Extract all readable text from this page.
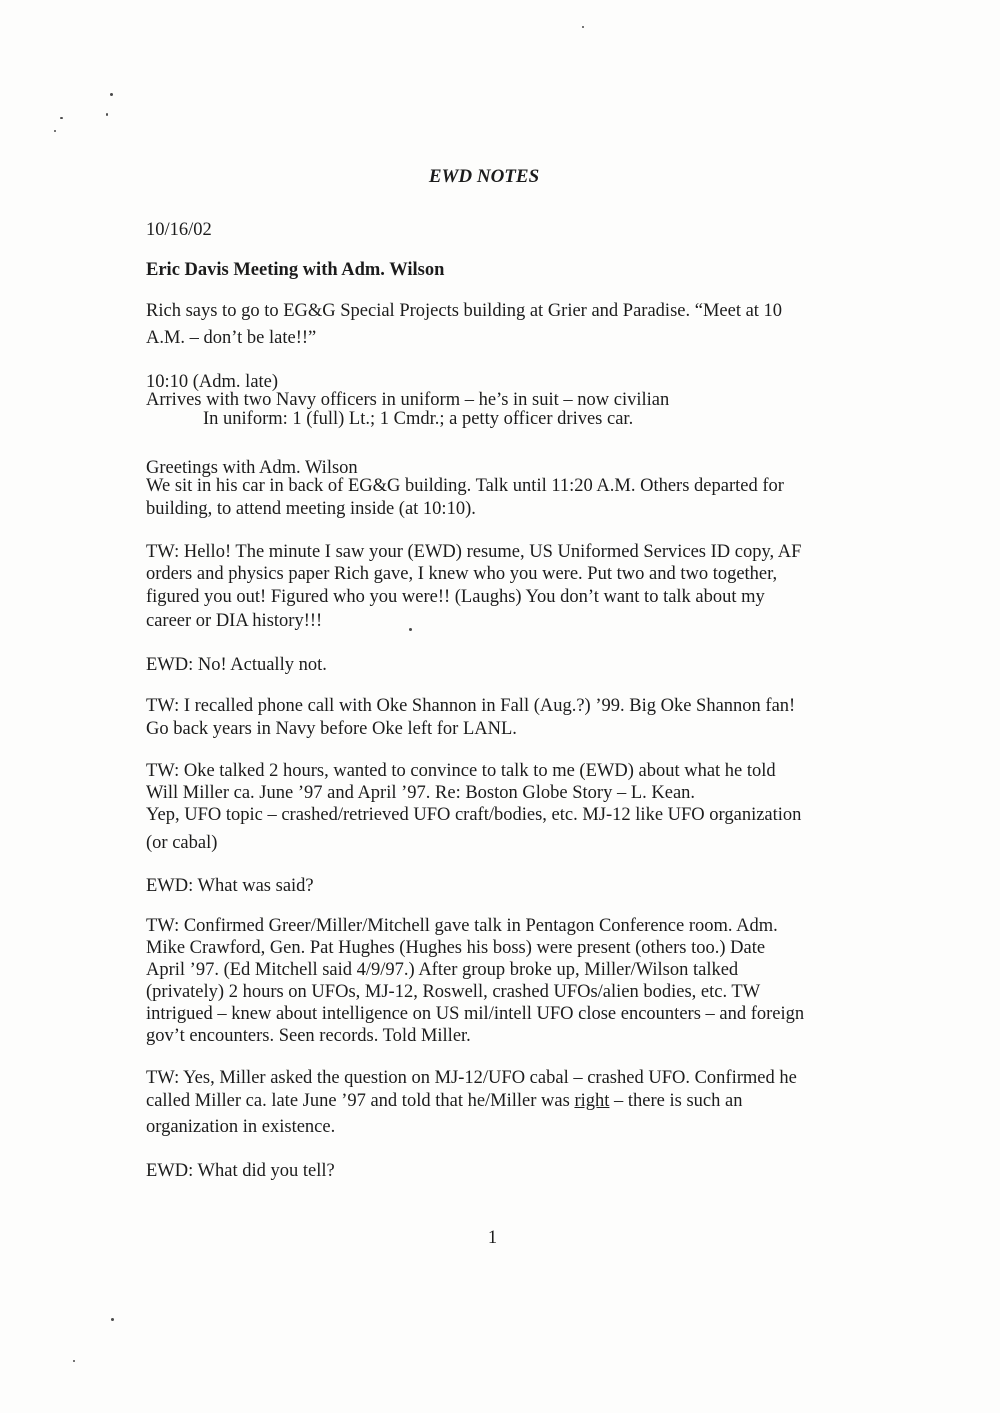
EWD NOTES
10/16/02
Eric Davis Meeting with Adm. Wilson
Rich says to go to EG&G Special Projects building at Grier and Paradise. “Meet at 10
A.M. – don’t be late!!”
10:10 (Adm. late)
Arrives with two Navy officers in uniform – he’s in suit – now civilian
In uniform: 1 (full) Lt.; 1 Cmdr.; a petty officer drives car.
Greetings with Adm. Wilson
We sit in his car in back of EG&G building. Talk until 11:20 A.M. Others departed for
building, to attend meeting inside (at 10:10).
TW: Hello! The minute I saw your (EWD) resume, US Uniformed Services ID copy, AF
orders and physics paper Rich gave, I knew who you were. Put two and two together,
figured you out! Figured who you were!! (Laughs) You don’t want to talk about my
career or DIA history!!!
EWD: No! Actually not.
TW: I recalled phone call with Oke Shannon in Fall (Aug.?) ’99. Big Oke Shannon fan!
Go back years in Navy before Oke left for LANL.
TW: Oke talked 2 hours, wanted to convince to talk to me (EWD) about what he told
Will Miller ca. June ’97 and April ’97. Re: Boston Globe Story – L. Kean.
Yep, UFO topic – crashed/retrieved UFO craft/bodies, etc. MJ-12 like UFO organization
(or cabal)
EWD: What was said?
TW: Confirmed Greer/Miller/Mitchell gave talk in Pentagon Conference room. Adm.
Mike Crawford, Gen. Pat Hughes (Hughes his boss) were present (others too.) Date
April ’97. (Ed Mitchell said 4/9/97.) After group broke up, Miller/Wilson talked
(privately) 2 hours on UFOs, MJ-12, Roswell, crashed UFOs/alien bodies, etc. TW
intrigued – knew about intelligence on US mil/intell UFO close encounters – and foreign
gov’t encounters. Seen records. Told Miller.
TW: Yes, Miller asked the question on MJ-12/UFO cabal – crashed UFO. Confirmed he
called Miller ca. late June ’97 and told that he/Miller was right – there is such an
organization in existence.
EWD: What did you tell?
1
